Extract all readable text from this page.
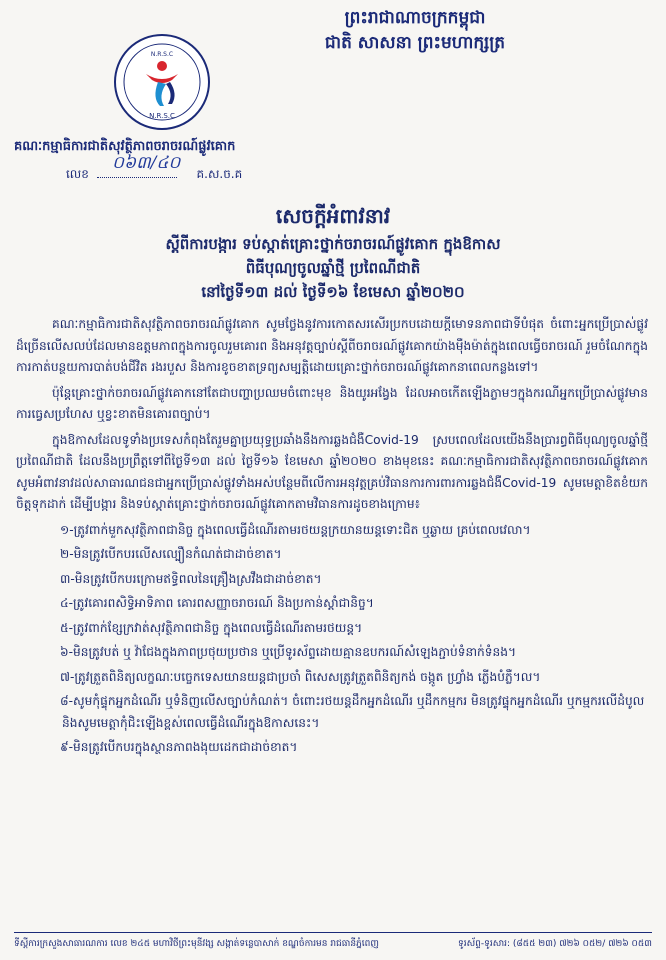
ព្រះរាជាណាចក្រកម្ពុជា
ជាតិ សាសនា ព្រះមហាក្សត្រ
N.R.S.C
N.R.S.C
គណៈកម្មាធិការជាតិសុវត្ថិភាពចរាចរណ៍ផ្លូវគោក
លេខ
០៦៣/៤០
គ.ស.ច.គ
សេចក្តីអំពាវនាវ
ស្តីពីការបង្ការ ទប់ស្កាត់គ្រោះថ្នាក់ចរាចរណ៍ផ្លូវគោក ក្នុងឱកាស
ពិធីបុណ្យចូលឆ្នាំថ្មី ប្រពៃណីជាតិ
នៅថ្ងៃទី១៣ ដល់ ថ្ងៃទី១៦ ខែមេសា ឆ្នាំ២០២០

គណៈកម្មាធិការជាតិសុវត្ថិភាពចរាចរណ៍ផ្លូវគោក សូមថ្លែងនូវការកោតសរសើរប្រកបដោយក្តីមោទនភាពជាទីបំផុត ចំពោះអ្នកប្រើប្រាស់ផ្លូវដ៏ច្រើនលើសលប់ដែលមានឧត្តមភាពក្នុងការចូលរួមគោរព និងអនុវត្តច្បាប់ស្តីពីចរាចរណ៍ផ្លូវគោកយ៉ាងម៉ឺងម៉ាត់ក្នុងពេលធ្វើចរាចរណ៍ រួមចំណែកក្នុងការកាត់បន្ថយការបាត់បង់ជីវិត រងរបួស និងការខូចខាតទ្រព្យសម្បត្តិដោយគ្រោះថ្នាក់ចរាចរណ៍ផ្លូវគោកនាពេលកន្លងទៅ។

ប៉ុន្តែគ្រោះថ្នាក់ចរាចរណ៍ផ្លូវគោកនៅតែជាបញ្ហាប្រឈមចំពោះមុខ និងយូរអង្វែង ដែលអាចកើតឡើងភ្លាមៗក្នុងករណីអ្នកប្រើប្រាស់ផ្លូវមានការធ្វេសប្រហែស ឬខ្វះខាតមិនគោរពច្បាប់។

ក្នុងឱកាសដែលទូទាំងប្រទេសកំពុងតែរួមគ្នាប្រយុទ្ធប្រឆាំងនឹងការឆ្លងជំងឺCovid-19 ស្របពេលដែលយើងនឹងប្រារព្ធពិធីបុណ្យចូលឆ្នាំថ្មី ប្រពៃណីជាតិ ដែលនឹងប្រព្រឹត្តទៅពីថ្ងៃទី១៣ ដល់ ថ្ងៃទី១៦ ខែមេសា ឆ្នាំ២០២០ ខាងមុខនេះ គណៈកម្មាធិការជាតិសុវត្ថិភាពចរាចរណ៍ផ្លូវគោក សូមអំពាវនាវដល់សាធារណជនជាអ្នកប្រើប្រាស់ផ្លូវទាំងអស់បន្ថែមពីលើការអនុវត្តគ្រប់វិធានការការពារការឆ្លងជំងឺCovid-19 សូមមេត្តាខិតខំយកចិត្តទុកដាក់ ដើម្បីបង្ការ និងទប់ស្កាត់គ្រោះថ្នាក់ចរាចរណ៍ផ្លូវគោកតាមវិធានការដូចខាងក្រោម៖

១-ត្រូវពាក់មួកសុវត្ថិភាពជានិច្ច ក្នុងពេលធ្វើដំណើរតាមរថយន្តក្រយានយន្តទោះជិត ឬឆ្ងាយ គ្រប់ពេលវេលា។
២-មិនត្រូវបើកបរលើសល្បឿនកំណត់ជាដាច់ខាត។
៣-មិនត្រូវបើកបរក្រោមឥទ្ធិពលនៃគ្រឿងស្រវឹងជាដាច់ខាត។
៤-ត្រូវគោរពសិទ្ធិអាទិភាព គោរពសញ្ញាចរាចរណ៍ និងប្រកាន់ស្តាំជានិច្ច។
៥-ត្រូវពាក់ខ្សែក្រវាត់សុវត្ថិភាពជានិច្ច ក្នុងពេលធ្វើដំណើរតាមរថយន្ត។
៦-មិនត្រូវបត់ ឬ វ៉ាជែងក្នុងភាពប្រថុយប្រថាន ឬប្រើទូរស័ព្ទដោយគ្មានឧបករណ៍សំឡេងភ្ជាប់ទំនាក់ទំនង។
៧-ត្រូវត្រួតពិនិត្យលក្ខណៈបច្ចេកទេសយានយន្តជាប្រចាំ ពិសេសត្រូវត្រួតពិនិត្យកង់ ចង្កូត ហ្វ្រាំង ភ្លើងបំភ្លឺ។ល។
៨-សូមកុំផ្ទុកអ្នកដំណើរ ឬទំនិញលើសច្បាប់កំណត់។ ចំពោះរថយន្តដឹកអ្នកដំណើរ ឬដឹកកម្មករ មិនត្រូវផ្ទុកអ្នកដំណើរ ឬកម្មករលើដំបូល និងសូមមេត្តាកុំជិះឡើងខ្ពស់ពេលធ្វើដំណើរក្នុងឱកាសនេះ។
៩-មិនត្រូវបើកបរក្នុងស្ថានភាពងងុយដេកជាដាច់ខាត។
ទីស្តីការក្រសួងសាធារណការ លេខ ២៤៥ មហាវិថីព្រះមុនីវង្ស សង្កាត់ទន្លេបាសាក់ ខណ្ឌចំការមន រាជធានីភ្នំពេញ	ទូរស័ព្ទ-ទូរសារ: (៨៥៥ ២៣) ៧២៦ ០៥២/ ៧២៦ ០៥៣
